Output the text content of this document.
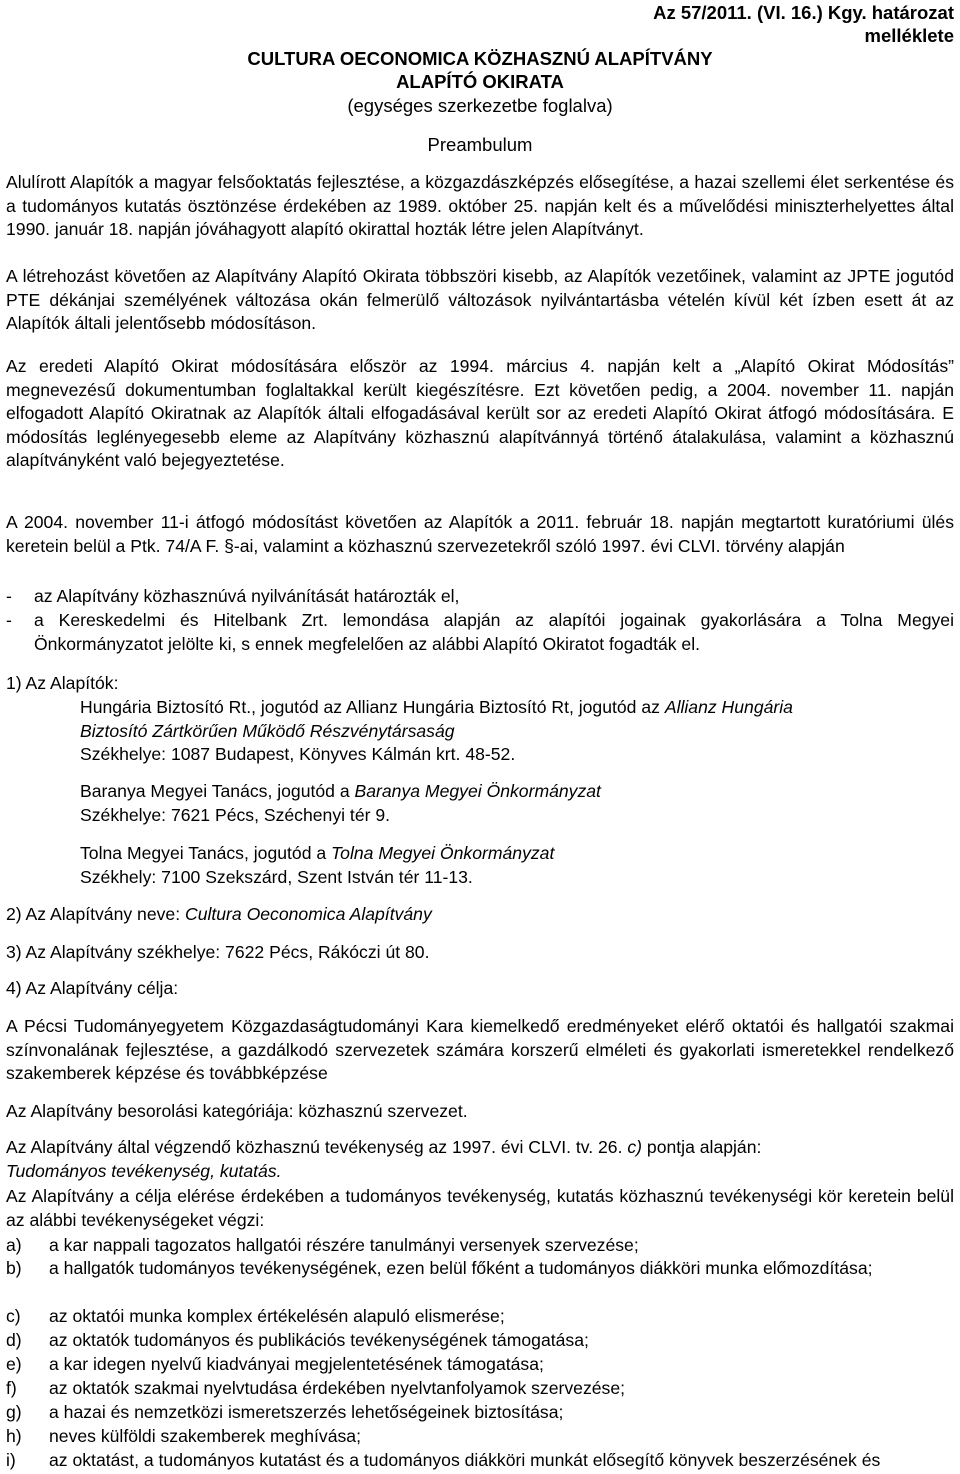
Az 57/2011. (VI. 16.) Kgy. határozat
melléklete
CULTURA OECONOMICA KÖZHASZNÚ ALAPÍTVÁNY
ALAPÍTÓ OKIRATA
(egységes szerkezetbe foglalva)
Preambulum
Alulírott Alapítók a magyar felsőoktatás fejlesztése, a közgazdászképzés elősegítése, a hazai szellemi élet serkentése és a tudományos kutatás ösztönzése érdekében az 1989. október 25. napján kelt és a művelődési miniszterhelyettes által 1990. január 18. napján jóváhagyott alapító okirattal hozták létre jelen Alapítványt.
A létrehozást követően az Alapítvány Alapító Okirata többszöri kisebb, az Alapítók vezetőinek, valamint az JPTE jogutód PTE dékánjai személyének változása okán felmerülő változások nyilvántartásba vételén kívül két ízben esett át az Alapítók általi jelentősebb módosításon.
Az eredeti Alapító Okirat módosítására először az 1994. március 4. napján kelt a „Alapító Okirat Módosítás” megnevezésű dokumentumban foglaltakkal került kiegészítésre. Ezt követően pedig, a 2004. november 11. napján elfogadott Alapító Okiratnak az Alapítók általi elfogadásával került sor az eredeti Alapító Okirat átfogó módosítására. E módosítás leglényegesebb eleme az Alapítvány közhasznú alapítvánnyá történő átalakulása, valamint a közhasznú alapítványként való bejegyeztetése.
A 2004. november 11-i átfogó módosítást követően az Alapítók a 2011. február 18. napján megtartott kuratóriumi ülés keretein belül a Ptk. 74/A F. §-ai, valamint a közhasznú szervezetekről szóló 1997. évi CLVI. törvény alapján
- az Alapítvány közhasznúvá nyilvánítását határozták el,
- a Kereskedelmi és Hitelbank Zrt. lemondása alapján az alapítói jogainak gyakorlására a Tolna Megyei Önkormányzatot jelölte ki, s ennek megfelelően az alábbi Alapító Okiratot fogadták el.
1) Az Alapítók:
Hungária Biztosító Rt., jogutód az Allianz Hungária Biztosító Rt, jogutód az Allianz Hungária
Biztosító Zártkörűen Működő Részvénytársaság
Székhelye: 1087 Budapest, Könyves Kálmán krt. 48-52.
Baranya Megyei Tanács, jogutód a Baranya Megyei Önkormányzat
Székhelye: 7621 Pécs, Széchenyi tér 9.
Tolna Megyei Tanács, jogutód a Tolna Megyei Önkormányzat
Székhely: 7100 Szekszárd, Szent István tér 11-13.
2) Az Alapítvány neve: Cultura Oeconomica Alapítvány
3) Az Alapítvány székhelye: 7622 Pécs, Rákóczi út 80.
4) Az Alapítvány célja:
A Pécsi Tudományegyetem Közgazdaságtudományi Kara kiemelkedő eredményeket elérő oktatói és hallgatói szakmai színvonalának fejlesztése, a gazdálkodó szervezetek számára korszerű elméleti és gyakorlati ismeretekkel rendelkező szakemberek képzése és továbbképzése
Az Alapítvány besorolási kategóriája: közhasznú szervezet.
Az Alapítvány által végzendő közhasznú tevékenység az 1997. évi CLVI. tv. 26. c) pontja alapján:
Tudományos tevékenység, kutatás.
Az Alapítvány a célja elérése érdekében a tudományos tevékenység, kutatás közhasznú tevékenységi kör keretein belül az alábbi tevékenységeket végzi:
a) a kar nappali tagozatos hallgatói részére tanulmányi versenyek szervezése;
b) a hallgatók tudományos tevékenységének, ezen belül főként a tudományos diákköri munka előmozdítása;
c) az oktatói munka komplex értékelésén alapuló elismerése;
d) az oktatók tudományos és publikációs tevékenységének támogatása;
e) a kar idegen nyelvű kiadványai megjelentetésének támogatása;
f) az oktatók szakmai nyelvtudása érdekében nyelvtanfolyamok szervezése;
g) a hazai és nemzetközi ismeretszerzés lehetőségeinek biztosítása;
h) neves külföldi szakemberek meghívása;
i) az oktatást, a tudományos kutatást és a tudományos diákköri munkát elősegítő könyvek beszerzésének és
